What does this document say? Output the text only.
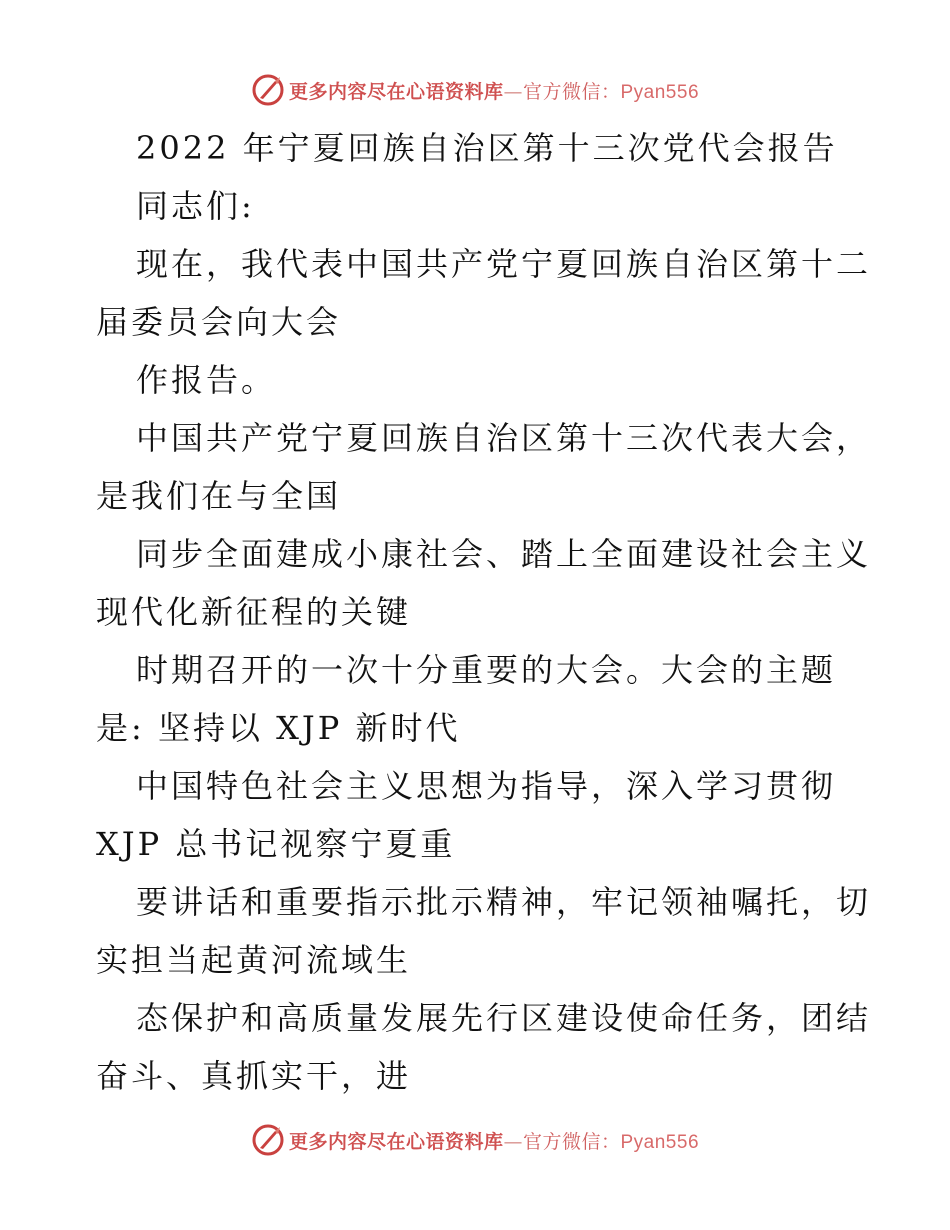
更多内容尽在心语资料库—官方微信：Pyan556
2022 年宁夏回族自治区第十三次党代会报告
同志们:
现在，我代表中国共产党宁夏回族自治区第十二
届委员会向大会
作报告。
中国共产党宁夏回族自治区第十三次代表大会，
是我们在与全国
同步全面建成小康社会、踏上全面建设社会主义
现代化新征程的关键
时期召开的一次十分重要的大会。大会的主题
是: 坚持以 XJP 新时代
中国特色社会主义思想为指导，深入学习贯彻
XJP 总书记视察宁夏重
要讲话和重要指示批示精神，牢记领袖嘱托，切
实担当起黄河流域生
态保护和高质量发展先行区建设使命任务，团结
奋斗、真抓实干，进
更多内容尽在心语资料库—官方微信：Pyan556
